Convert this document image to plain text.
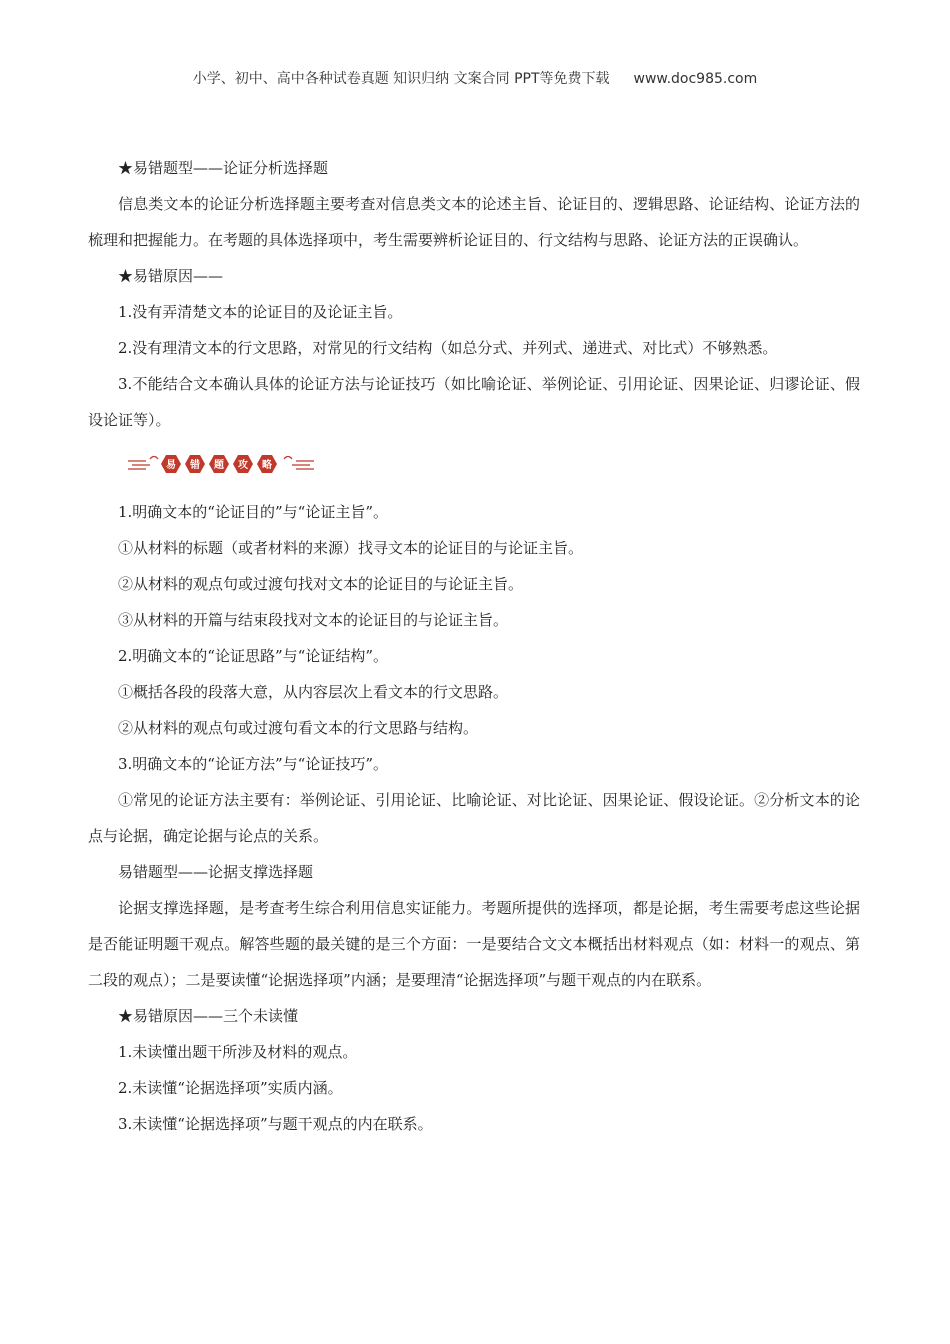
小学、初中、高中各种试卷真题 知识归纳 文案合同 PPT等免费下载 www.doc985.com

★易错题型——论证分析选择题

信息类文本的论证分析选择题主要考查对信息类文本的论述主旨、论证目的、逻辑思路、论证结构、论证方法的梳理和把握能力。在考题的具体选择项中，考生需要辨析论证目的、行文结构与思路、论证方法的正误确认。

★易错原因——

1.没有弄清楚文本的论证目的及论证主旨。

2.没有理清文本的行文思路，对常见的行文结构（如总分式、并列式、递进式、对比式）不够熟悉。

3.不能结合文本确认具体的论证方法与论证技巧（如比喻论证、举例论证、引用论证、因果论证、归谬论证、假设论证等）。

易 错 题 攻 略

1.明确文本的“论证目的”与“论证主旨”。

①从材料的标题（或者材料的来源）找寻文本的论证目的与论证主旨。

②从材料的观点句或过渡句找对文本的论证目的与论证主旨。

③从材料的开篇与结束段找对文本的论证目的与论证主旨。

2.明确文本的“论证思路”与“论证结构”。

①概括各段的段落大意，从内容层次上看文本的行文思路。

②从材料的观点句或过渡句看文本的行文思路与结构。

3.明确文本的“论证方法”与“论证技巧”。

①常见的论证方法主要有：举例论证、引用论证、比喻论证、对比论证、因果论证、假设论证。②分析文本的论点与论据，确定论据与论点的关系。

易错题型——论据支撑选择题

论据支撑选择题，是考查考生综合利用信息实证能力。考题所提供的选择项，都是论据，考生需要考虑这些论据是否能证明题干观点。解答些题的最关键的是三个方面：一是要结合文文本概括出材料观点（如：材料一的观点、第二段的观点）；二是要读懂“论据选择项”内涵；是要理清“论据选择项”与题干观点的内在联系。

★易错原因——三个未读懂

1.未读懂出题干所涉及材料的观点。

2.未读懂“论据选择项”实质内涵。

3.未读懂“论据选择项”与题干观点的内在联系。
